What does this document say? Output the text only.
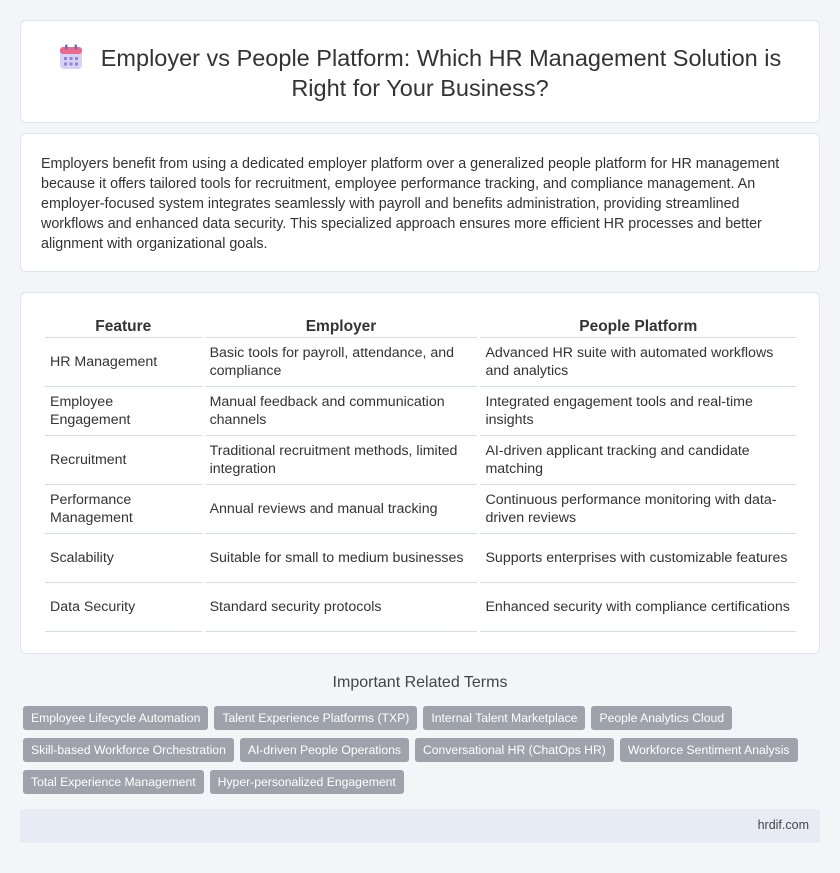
Employer vs People Platform: Which HR Management Solution is Right for Your Business?

Employers benefit from using a dedicated employer platform over a generalized people platform for HR management because it offers tailored tools for recruitment, employee performance tracking, and compliance management. An employer-focused system integrates seamlessly with payroll and benefits administration, providing streamlined workflows and enhanced data security. This specialized approach ensures more efficient HR processes and better alignment with organizational goals.

Feature	Employer	People Platform
HR Management	Basic tools for payroll, attendance, and compliance	Advanced HR suite with automated workflows and analytics
Employee Engagement	Manual feedback and communication channels	Integrated engagement tools and real-time insights
Recruitment	Traditional recruitment methods, limited integration	AI-driven applicant tracking and candidate matching
Performance Management	Annual reviews and manual tracking	Continuous performance monitoring with data-driven reviews
Scalability	Suitable for small to medium businesses	Supports enterprises with customizable features
Data Security	Standard security protocols	Enhanced security with compliance certifications
Important Related Terms
Employee Lifecycle Automation	Talent Experience Platforms (TXP)	Internal Talent Marketplace	People Analytics Cloud
Skill-based Workforce Orchestration	AI-driven People Operations	Conversational HR (ChatOps HR)	Workforce Sentiment Analysis
Total Experience Management	Hyper-personalized Engagement
hrdif.com
